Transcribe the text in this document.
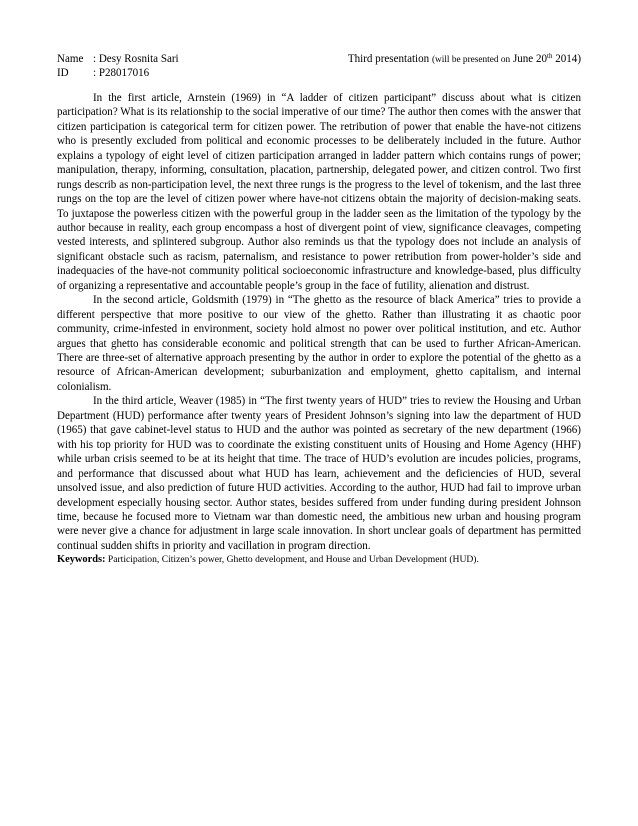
Name : Desy Rosnita Sari	Third presentation (will be presented on June 20th 2014)
ID : P28017016

In the first article, Arnstein (1969) in “A ladder of citizen participant” discuss about what is citizen participation? What is its relationship to the social imperative of our time? The author then comes with the answer that citizen participation is categorical term for citizen power. The retribution of power that enable the have-not citizens who is presently excluded from political and economic processes to be deliberately included in the future. Author explains a typology of eight level of citizen participation arranged in ladder pattern which contains rungs of power; manipulation, therapy, informing, consultation, placation, partnership, delegated power, and citizen control. Two first rungs describ as non-participation level, the next three rungs is the progress to the level of tokenism, and the last three rungs on the top are the level of citizen power where have-not citizens obtain the majority of decision-making seats. To juxtapose the powerless citizen with the powerful group in the ladder seen as the limitation of the typology by the author because in reality, each group encompass a host of divergent point of view, significance cleavages, competing vested interests, and splintered subgroup. Author also reminds us that the typology does not include an analysis of significant obstacle such as racism, paternalism, and resistance to power retribution from power-holder’s side and inadequacies of the have-not community political socioeconomic infrastructure and knowledge-based, plus difficulty of organizing a representative and accountable people’s group in the face of futility, alienation and distrust.

In the second article, Goldsmith (1979) in “The ghetto as the resource of black America” tries to provide a different perspective that more positive to our view of the ghetto. Rather than illustrating it as chaotic poor community, crime-infested in environment, society hold almost no power over political institution, and etc. Author argues that ghetto has considerable economic and political strength that can be used to further African-American. There are three-set of alternative approach presenting by the author in order to explore the potential of the ghetto as a resource of African-American development; suburbanization and employment, ghetto capitalism, and internal colonialism.

In the third article, Weaver (1985) in “The first twenty years of HUD” tries to review the Housing and Urban Department (HUD) performance after twenty years of President Johnson’s signing into law the department of HUD (1965) that gave cabinet-level status to HUD and the author was pointed as secretary of the new department (1966) with his top priority for HUD was to coordinate the existing constituent units of Housing and Home Agency (HHF) while urban crisis seemed to be at its height that time. The trace of HUD’s evolution are incudes policies, programs, and performance that discussed about what HUD has learn, achievement and the deficiencies of HUD, several unsolved issue, and also prediction of future HUD activities. According to the author, HUD had fail to improve urban development especially housing sector. Author states, besides suffered from under funding during president Johnson time, because he focused more to Vietnam war than domestic need, the ambitious new urban and housing program were never give a chance for adjustment in large scale innovation. In short unclear goals of department has permitted continual sudden shifts in priority and vacillation in program direction.

Keywords: Participation, Citizen’s power, Ghetto development, and House and Urban Development (HUD).
